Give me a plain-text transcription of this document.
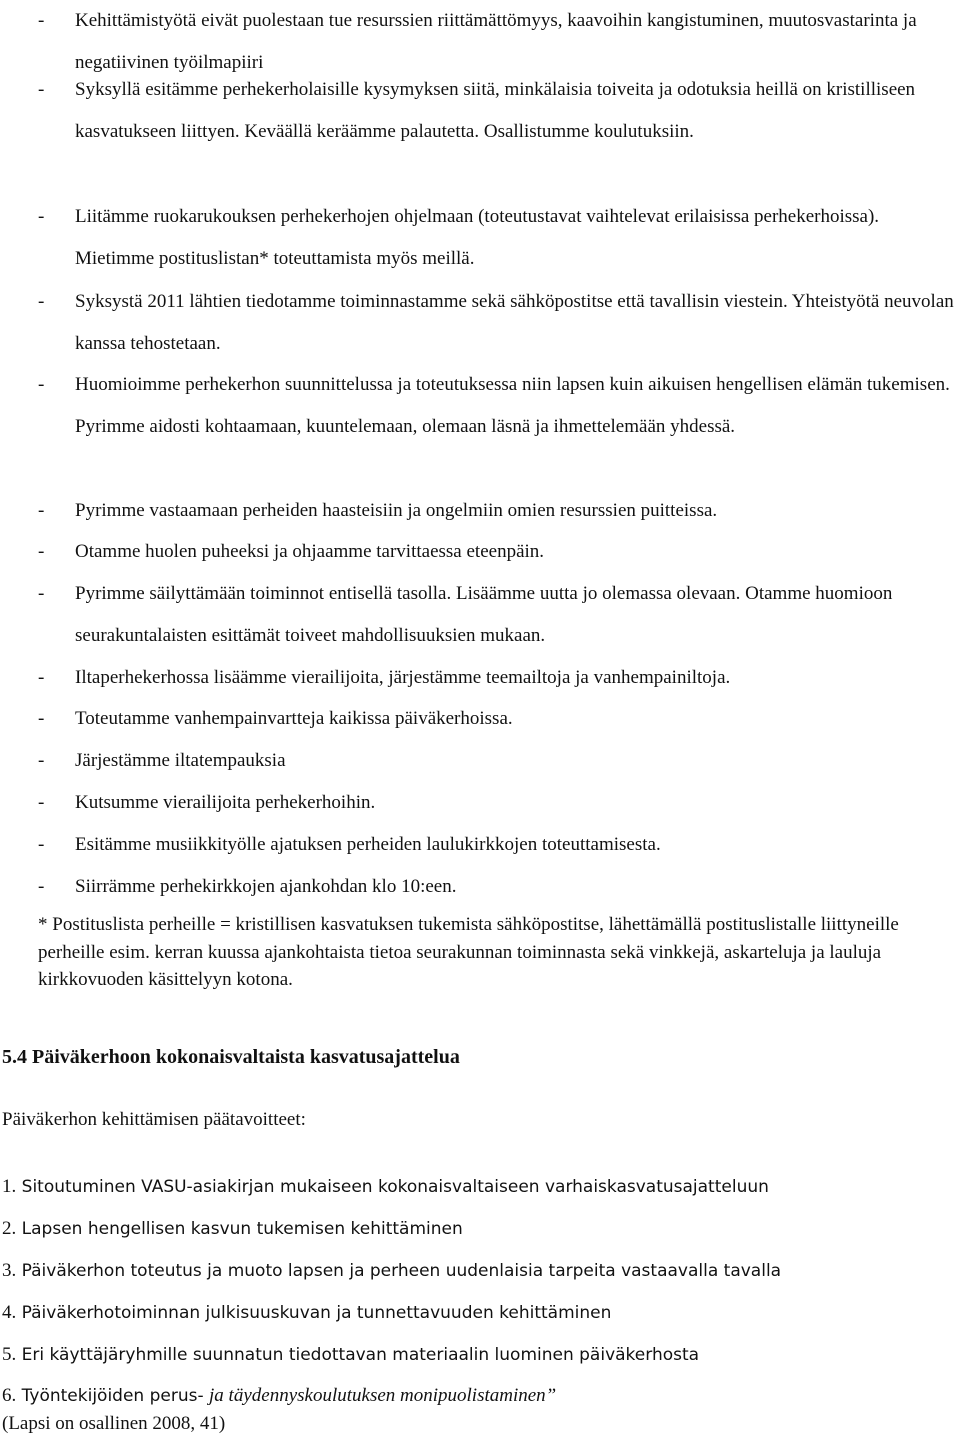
- Kehittämistyötä eivät puolestaan tue resurssien riittämättömyys, kaavoihin kangistuminen, muutosvastarinta ja negatiivinen työilmapiiri
- Syksyllä esitämme perhekerholaisille kysymyksen siitä, minkälaisia toiveita ja odotuksia heillä on kristilliseen kasvatukseen liittyen. Keväällä keräämme palautetta. Osallistumme koulutuksiin.
- Liitämme ruokarukouksen perhekerhojen ohjelmaan (toteutustavat vaihtelevat erilaisissa perhekerhoissa). Mietimme postituslistan* toteuttamista myös meillä.
- Syksystä 2011 lähtien tiedotamme toiminnastamme sekä sähköpostitse että tavallisin viestein. Yhteistyötä neuvolan kanssa tehostetaan.
- Huomioimme perhekerhon suunnittelussa ja toteutuksessa niin lapsen kuin aikuisen hengellisen elämän tukemisen. Pyrimme aidosti kohtaamaan, kuuntelemaan, olemaan läsnä ja ihmettelemään yhdessä.
- Pyrimme vastaamaan perheiden haasteisiin ja ongelmiin omien resurssien puitteissa.
- Otamme huolen puheeksi ja ohjaamme tarvittaessa eteenpäin.
- Pyrimme säilyttämään toiminnot entisellä tasolla. Lisäämme uutta jo olemassa olevaan. Otamme huomioon seurakuntalaisten esittämät toiveet mahdollisuuksien mukaan.
- Iltaperhekerhossa lisäämme vierailijoita, järjestämme teemailtoja ja vanhempainiltoja.
- Toteutamme vanhempainvartteja kaikissa päiväkerhoissa.
- Järjestämme iltatempauksia
- Kutsumme vierailijoita perhekerhoihin.
- Esitämme musiikkityölle ajatuksen perheiden laulukirkkojen toteuttamisesta.
- Siirrämme perhekirkkojen ajankohdan klo 10:een.
* Postituslista perheille = kristillisen kasvatuksen tukemista sähköpostitse, lähettämällä postituslistalle liittyneille perheille esim. kerran kuussa ajankohtaista tietoa seurakunnan toiminnasta sekä vinkkejä, askarteluja ja lauluja kirkkovuoden käsittelyyn kotona.
5.4 Päiväkerhoon kokonaisvaltaista kasvatusajattelua
Päiväkerhon kehittämisen päätavoitteet:
1. Sitoutuminen VASU-asiakirjan mukaiseen kokonaisvaltaiseen varhaiskasvatusajatteluun
2. Lapsen hengellisen kasvun tukemisen kehittäminen
3. Päiväkerhon toteutus ja muoto lapsen ja perheen uudenlaisia tarpeita vastaavalla tavalla
4. Päiväkerhotoiminnan julkisuuskuvan ja tunnettavuuden kehittäminen
5. Eri käyttäjäryhmille suunnatun tiedottavan materiaalin luominen päiväkerhosta
6. Työntekijöiden perus- ja täydennyskoulutuksen monipuolistaminen”
(Lapsi on osallinen 2008, 41)
